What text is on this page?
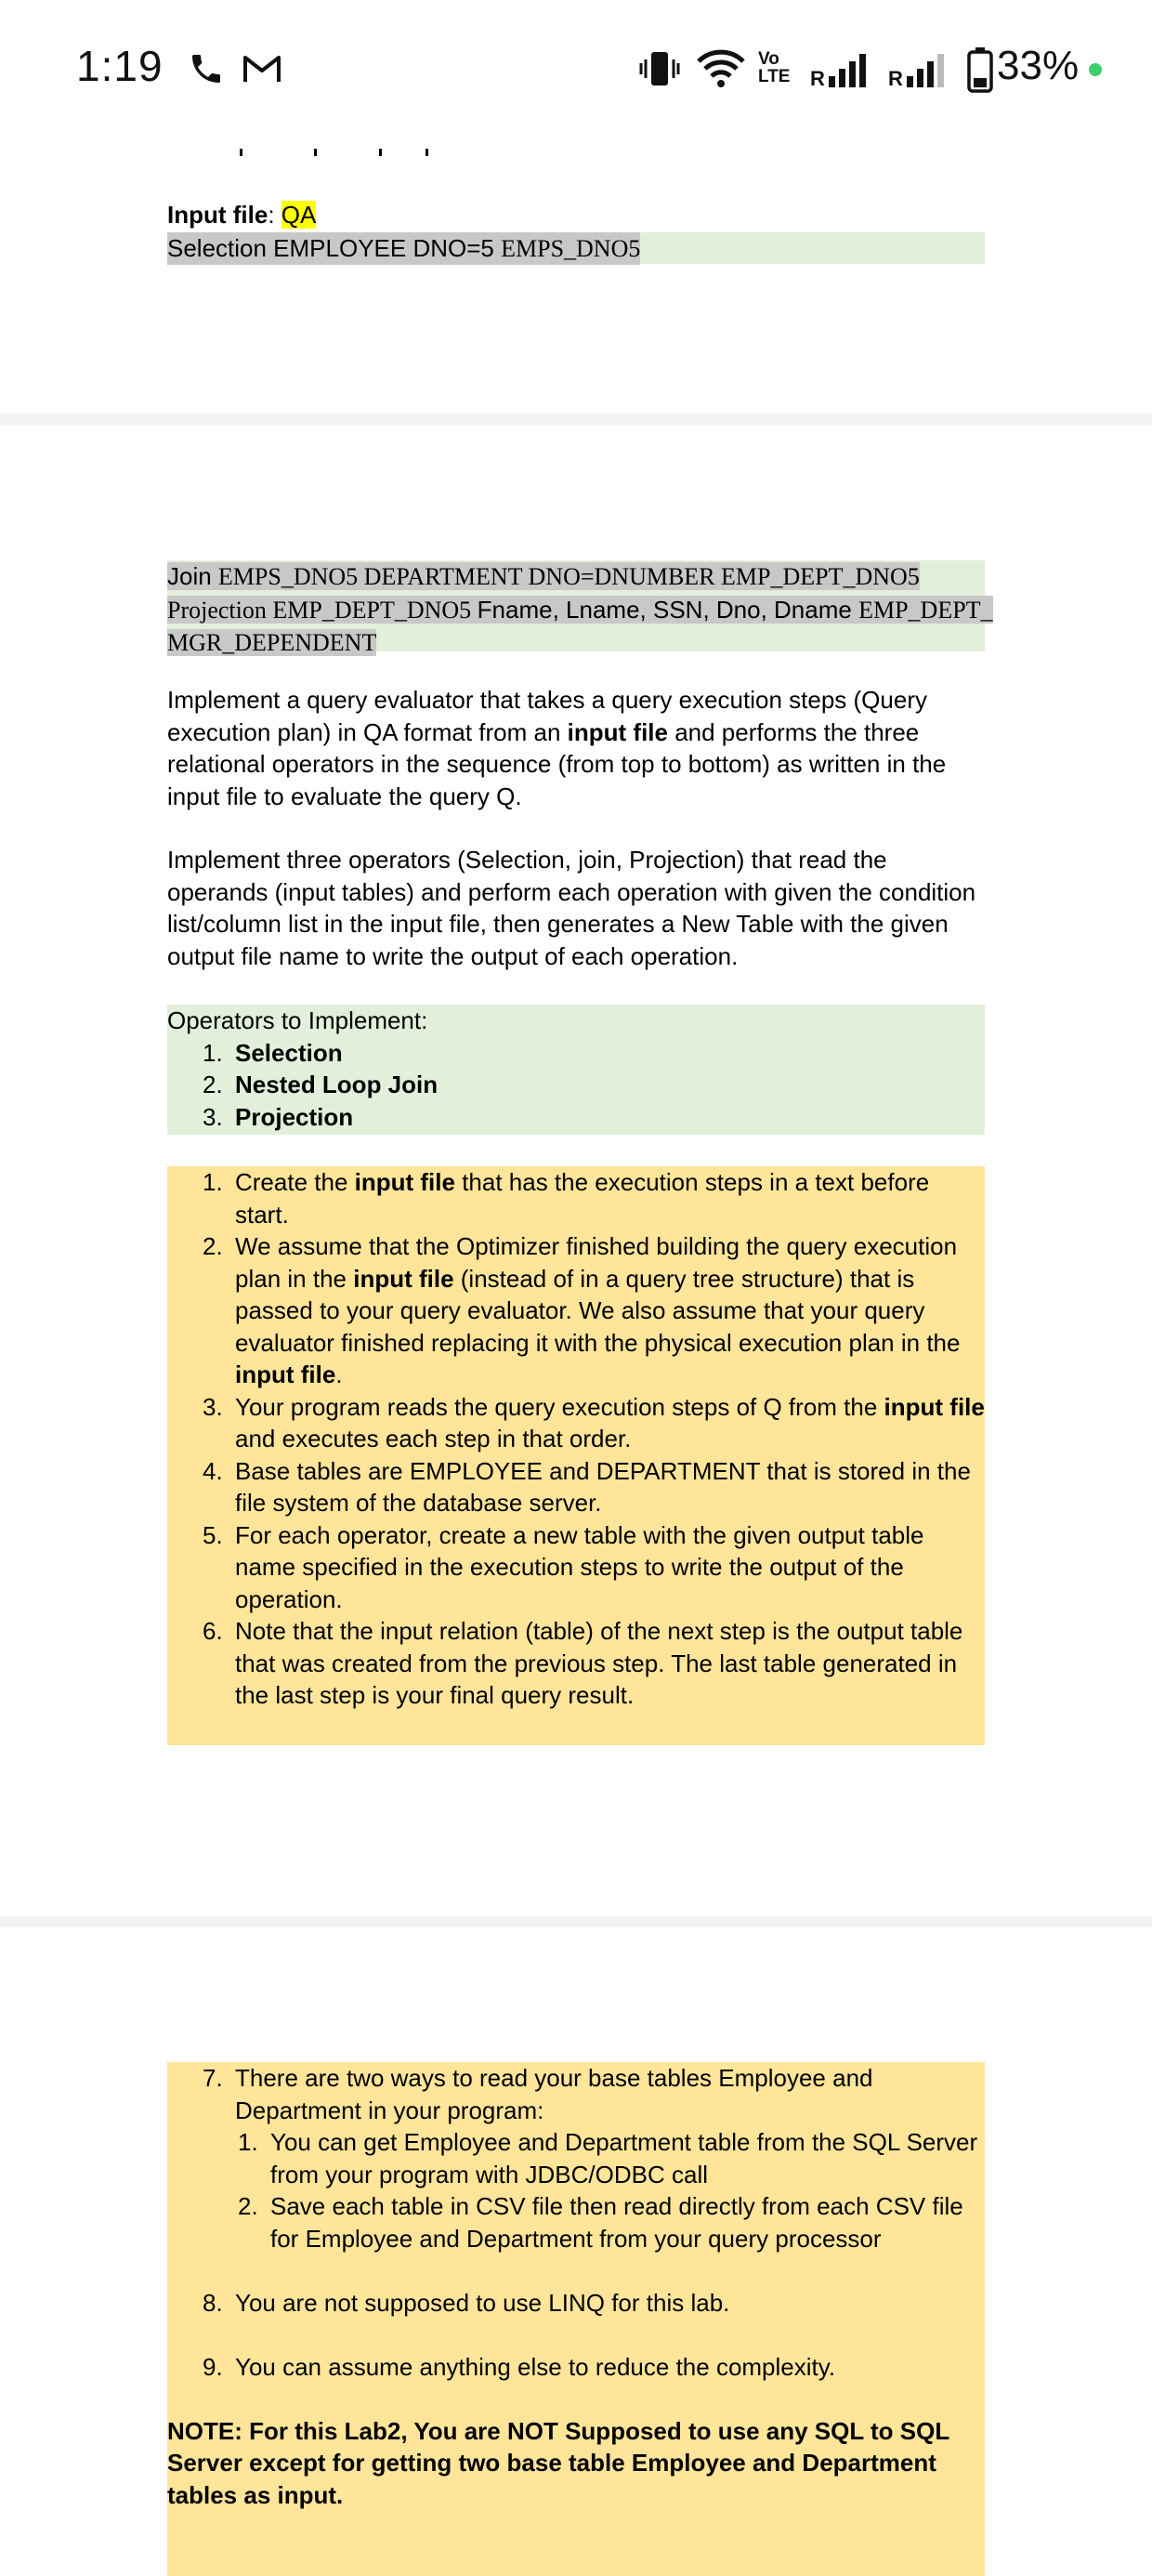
1:19	Vo LTE R	R 33%
Input file: QA
Selection EMPLOYEE DNO=5 EMPS_DNO5
Join EMPS_DNO5 DEPARTMENT DNO=DNUMBER EMP_DEPT_DNO5
Projection EMP_DEPT_DNO5 Fname, Lname, SSN, Dno, Dname EMP_DEPT_
MGR_DEPENDENT

Implement a query evaluator that takes a query execution steps (Query execution plan) in QA format from an input file and performs the three relational operators in the sequence (from top to bottom) as written in the input file to evaluate the query Q.

Implement three operators (Selection, join, Projection) that read the operands (input tables) and perform each operation with given the condition list/column list in the input file, then generates a New Table with the given output file name to write the output of each operation.

Operators to Implement:
1. Selection
2. Nested Loop Join
3. Projection
1. Create the input file that has the execution steps in a text before start.
2. We assume that the Optimizer finished building the query execution plan in the input file (instead of in a query tree structure) that is passed to your query evaluator. We also assume that your query evaluator finished replacing it with the physical execution plan in the input file.
3. Your program reads the query execution steps of Q from the input file and executes each step in that order.
4. Base tables are EMPLOYEE and DEPARTMENT that is stored in the file system of the database server.
5. For each operator, create a new table with the given output table name specified in the execution steps to write the output of the operation.
6. Note that the input relation (table) of the next step is the output table that was created from the previous step. The last table generated in the last step is your final query result.
7. There are two ways to read your base tables Employee and Department in your program:
1. You can get Employee and Department table from the SQL Server from your program with JDBC/ODBC call
2. Save each table in CSV file then read directly from each CSV file for Employee and Department from your query processor
8. You are not supposed to use LINQ for this lab.
9. You can assume anything else to reduce the complexity.

NOTE: For this Lab2, You are NOT Supposed to use any SQL to SQL Server except for getting two base table Employee and Department tables as input.
